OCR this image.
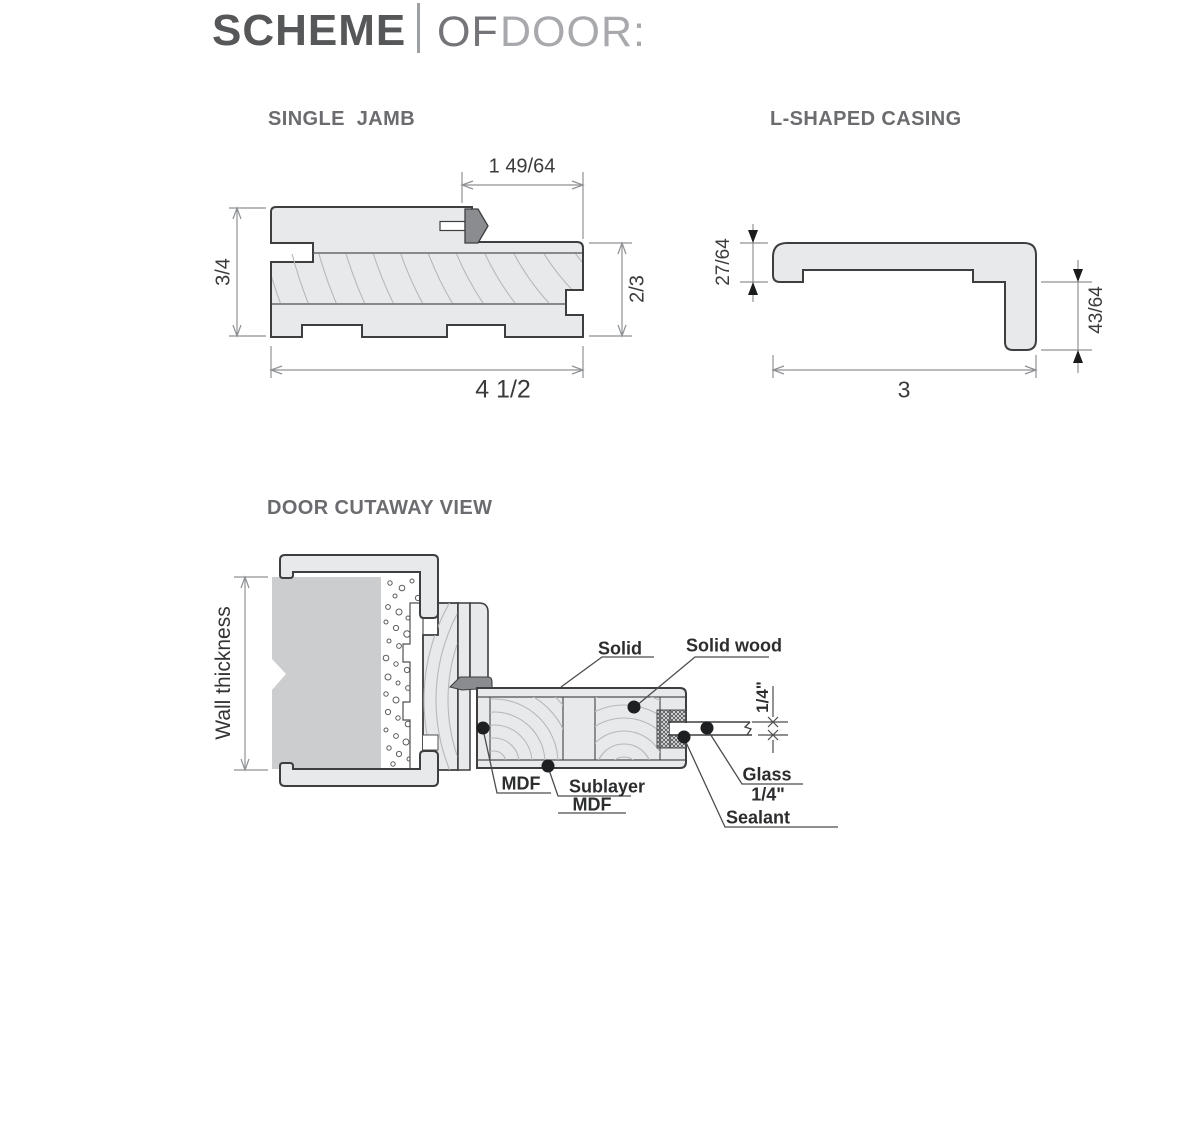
SCHEME OF DOOR:
SINGLE  JAMB	L-SHAPED CASING
DOOR CUTAWAY VIEW
1 49/64
3/4
2/3
4 1/2
27/64
43/64
3
Wall thickness	1/4"
Solid Solid wood
MDF Sublayer
MDF
Glass
1/4"
Sealant
